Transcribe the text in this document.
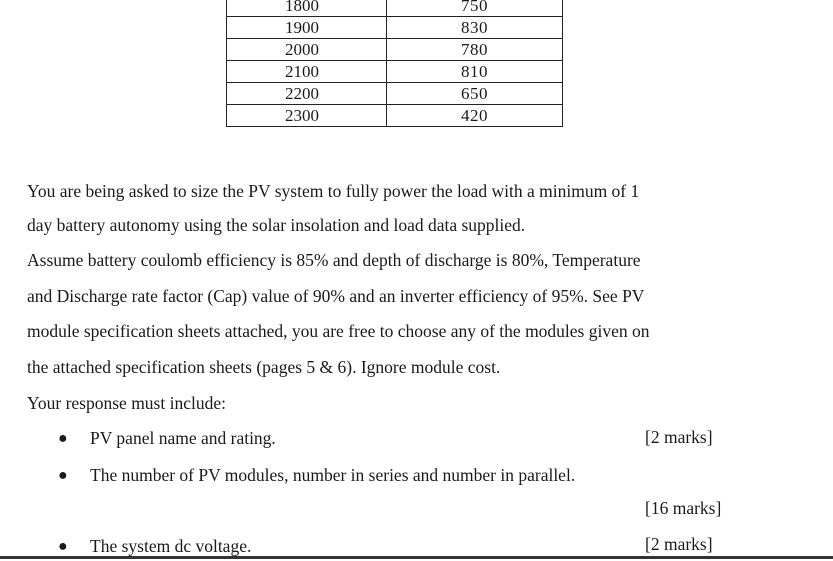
1800	750
1900	830
2000	780
2100	810
2200	650
2300	420

You are being asked to size the PV system to fully power the load with a minimum of 1

day battery autonomy using the solar insolation and load data supplied.

Assume battery coulomb efficiency is 85% and depth of discharge is 80%, Temperature

and Discharge rate factor (Cap) value of 90% and an inverter efficiency of 95%. See PV

module specification sheets attached, you are free to choose any of the modules given on

the attached specification sheets (pages 5 & 6). Ignore module cost.

Your response must include:

● PV panel name and rating.	[2 marks]

● The number of PV modules, number in series and number in parallel.

[16 marks]

● The system dc voltage.	[2 marks]
